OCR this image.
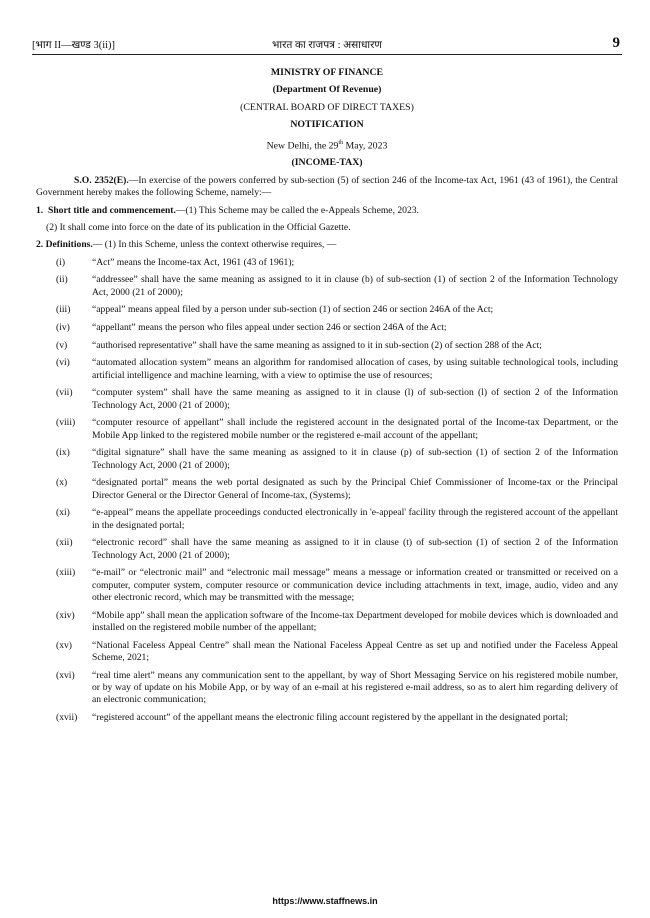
[भाग II—खण्ड 3(ii)]	भारत का राजपत्र : असाधारण	9
MINISTRY OF FINANCE
(Department Of Revenue)
(CENTRAL BOARD OF DIRECT TAXES)
NOTIFICATION
New Delhi, the 29th May, 2023
(INCOME-TAX)
S.O. 2352(E).—In exercise of the powers conferred by sub-section (5) of section 246 of the Income-tax Act, 1961 (43 of 1961), the Central Government hereby makes the following Scheme, namely:—
1. Short title and commencement.—(1) This Scheme may be called the e-Appeals Scheme, 2023.
(2) It shall come into force on the date of its publication in the Official Gazette.
2. Definitions.— (1) In this Scheme, unless the context otherwise requires, —
(i)	“Act” means the Income-tax Act, 1961 (43 of 1961);
(ii)	“addressee” shall have the same meaning as assigned to it in clause (b) of sub-section (1) of section 2 of the Information Technology Act, 2000 (21 of 2000);
(iii) “appeal” means appeal filed by a person under sub-section (1) of section 246 or section 246A of the Act;
(iv) “appellant” means the person who files appeal under section 246 or section 246A of the Act;
(v)	“authorised representative” shall have the same meaning as assigned to it in sub-section (2) of section 288 of the Act;
(vi) “automated allocation system” means an algorithm for randomised allocation of cases, by using suitable technological tools, including artificial intelligence and machine learning, with a view to optimise the use of resources;
(vii) “computer system” shall have the same meaning as assigned to it in clause (l) of sub-section (l) of section 2 of the Information Technology Act, 2000 (21 of 2000);
(viii) “computer resource of appellant” shall include the registered account in the designated portal of the Income-tax Department, or the Mobile App linked to the registered mobile number or the registered e-mail account of the appellant;
(ix) “digital signature” shall have the same meaning as assigned to it in clause (p) of sub-section (1) of section 2 of the Information Technology Act, 2000 (21 of 2000);
(x)	“designated portal” means the web portal designated as such by the Principal Chief Commissioner of Income-tax or the Principal Director General or the Director General of Income-tax, (Systems);
(xi) “e-appeal” means the appellate proceedings conducted electronically in 'e-appeal' facility through the registered account of the appellant in the designated portal;
(xii) “electronic record” shall have the same meaning as assigned to it in clause (t) of sub-section (1) of section 2 of the Information Technology Act, 2000 (21 of 2000);
(xiii) “e-mail” or “electronic mail” and “electronic mail message” means a message or information created or transmitted or received on a computer, computer system, computer resource or communication device including attachments in text, image, audio, video and any other electronic record, which may be transmitted with the message;
(xiv) “Mobile app” shall mean the application software of the Income-tax Department developed for mobile devices which is downloaded and installed on the registered mobile number of the appellant;
(xv) “National Faceless Appeal Centre” shall mean the National Faceless Appeal Centre as set up and notified under the Faceless Appeal Scheme, 2021;
(xvi) “real time alert” means any communication sent to the appellant, by way of Short Messaging Service on his registered mobile number, or by way of update on his Mobile App, or by way of an e-mail at his registered e-mail address, so as to alert him regarding delivery of an electronic communication;
(xvii) “registered account” of the appellant means the electronic filing account registered by the appellant in the designated portal;
https://www.staffnews.in
